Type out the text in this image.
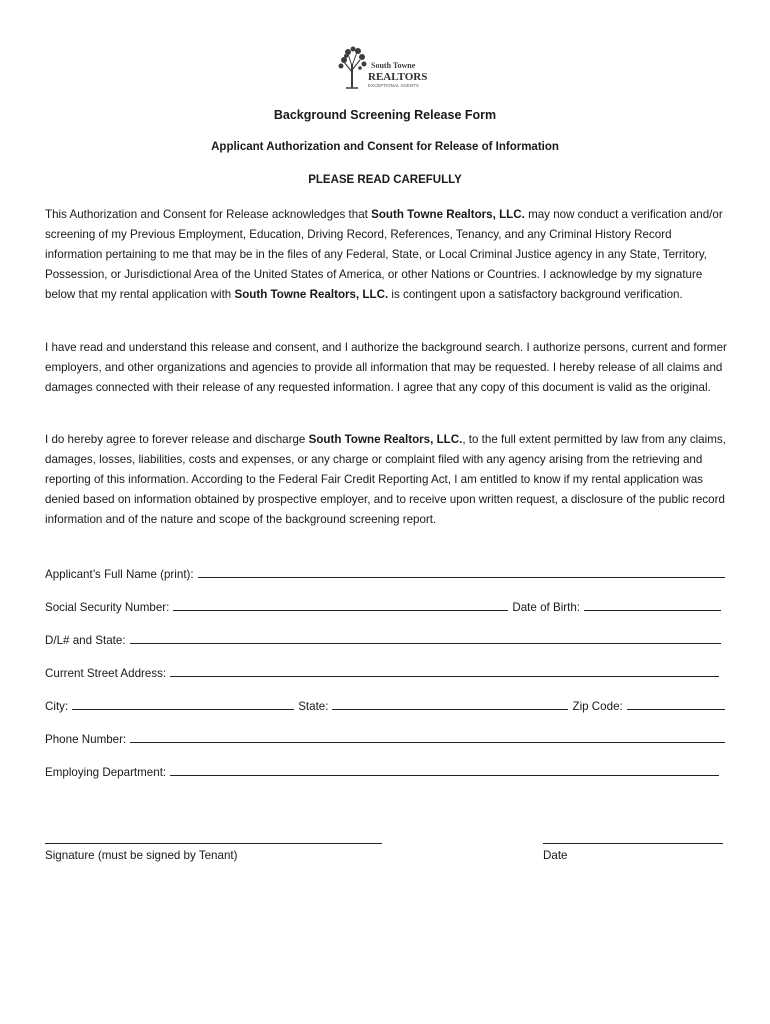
South Towne
REALTORS
EXCEPTIONAL AGENTS
Background Screening Release Form
Applicant Authorization and Consent for Release of Information
PLEASE READ CAREFULLY
This Authorization and Consent for Release acknowledges that South Towne Realtors, LLC. may now conduct a verification and/or screening of my Previous Employment, Education, Driving Record, References, Tenancy, and any Criminal History Record information pertaining to me that may be in the files of any Federal, State, or Local Criminal Justice agency in any State, Territory, Possession, or Jurisdictional Area of the United States of America, or other Nations or Countries. I acknowledge by my signature below that my rental application with South Towne Realtors, LLC. is contingent upon a satisfactory background verification.
I have read and understand this release and consent, and I authorize the background search. I authorize persons, current and former employers, and other organizations and agencies to provide all information that may be requested. I hereby release of all claims and damages connected with their release of any requested information. I agree that any copy of this document is valid as the original.
I do hereby agree to forever release and discharge South Towne Realtors, LLC., to the full extent permitted by law from any claims, damages, losses, liabilities, costs and expenses, or any charge or complaint filed with any agency arising from the retrieving and reporting of this information. According to the Federal Fair Credit Reporting Act, I am entitled to know if my rental application was denied based on information obtained by prospective employer, and to receive upon written request, a disclosure of the public record information and of the nature and scope of the background screening report.
Applicant’s Full Name (print):
Social Security Number:	Date of Birth:
D/L# and State:
Current Street Address:
City:	State:	Zip Code:
Phone Number:
Employing Department:
Signature (must be signed by Tenant)	Date
